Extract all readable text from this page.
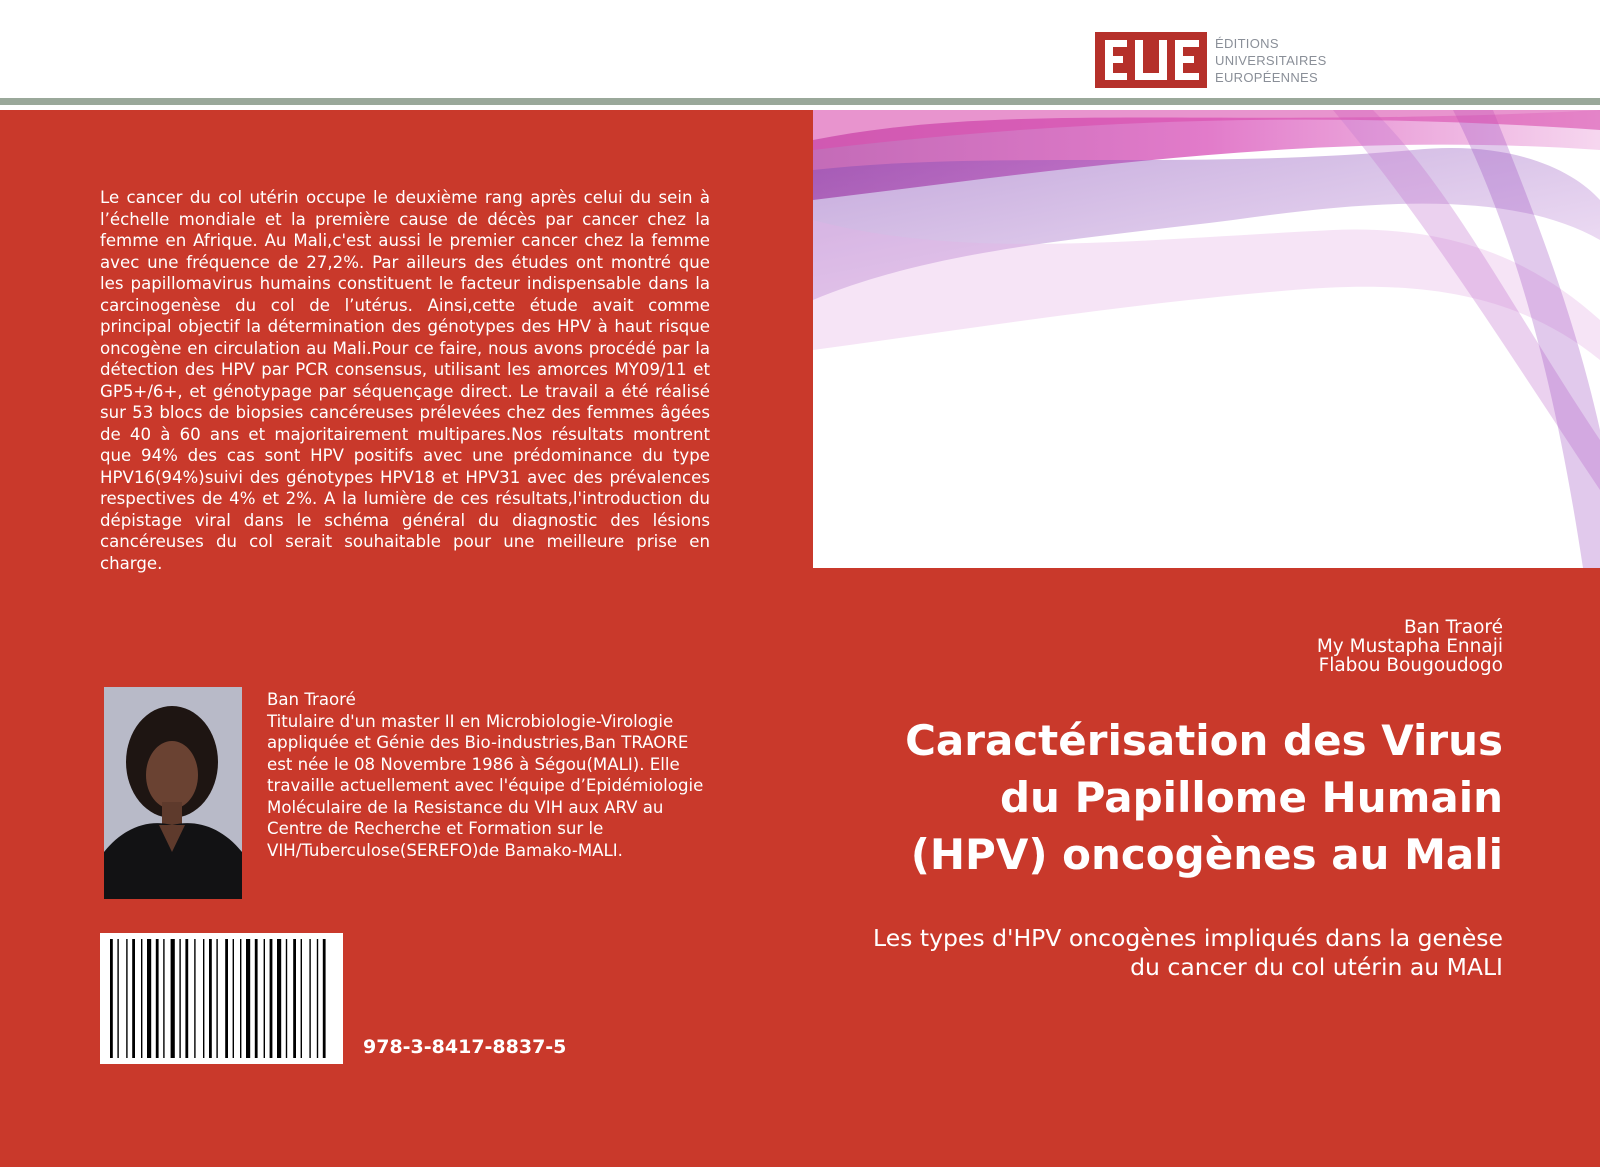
ÉDITIONS
UNIVERSITAIRES
EUROPÉENNES

Le cancer du col utérin occupe le deuxième rang après celui du sein à l’échelle mondiale et la première cause de décès par cancer chez la femme en Afrique. Au Mali,c'est aussi le premier cancer chez la femme avec une fréquence de 27,2%. Par ailleurs des études ont montré que les papillomavirus humains constituent le facteur indispensable dans la carcinogenèse du col de l’utérus. Ainsi,cette étude avait comme principal objectif la détermination des génotypes des HPV à haut risque oncogène en circulation au Mali.Pour ce faire, nous avons procédé par la détection des HPV par PCR consensus, utilisant les amorces MY09/11 et GP5+/6+, et génotypage par séquençage direct. Le travail a été réalisé sur 53 blocs de biopsies cancéreuses prélevées chez des femmes âgées de 40 à 60 ans et majoritairement multipares.Nos résultats montrent que 94% des cas sont HPV positifs avec une prédominance du type HPV16(94%)suivi des génotypes HPV18 et HPV31 avec des prévalences respectives de 4% et 2%. A la lumière de ces résultats,l'introduction du dépistage viral dans le schéma général du diagnostic des lésions cancéreuses du col serait souhaitable pour une meilleure prise en charge.

Ban Traoré

Titulaire d'un master II en Microbiologie-Virologie appliquée et Génie des Bio-industries,Ban TRAORE est née le 08 Novembre 1986 à Ségou(MALI). Elle travaille actuellement avec l'équipe d’Epidémiologie Moléculaire de la Resistance du VIH aux ARV au Centre de Recherche et Formation sur le VIH/Tuberculose(SEREFO)de Bamako-MALI.

978-3-8417-8837-5
Ban Traoré
My Mustapha Ennaji
Flabou Bougoudogo
Caractérisation des Virus du Papillome Humain (HPV) oncogènes au Mali

Les types d'HPV oncogènes impliqués dans la genèse du cancer du col utérin au MALI
